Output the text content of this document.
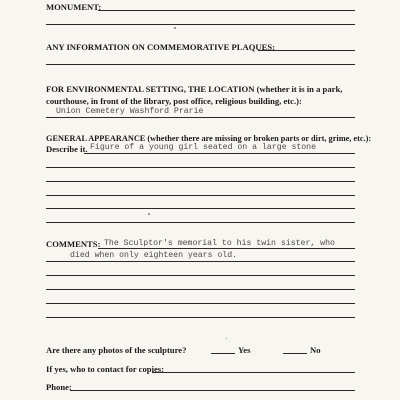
MONUMENT:
ANY INFORMATION ON COMMEMORATIVE PLAQUES:
FOR ENVIRONMENTAL SETTING, THE LOCATION (whether it is in a park,
courthouse, in front of the library, post office, religious building, etc.):
Union Cemetery Washford Prarie
GENERAL APPEARANCE (whether there are missing or broken parts or dirt, grime, etc.):
Describe it. Figure of a young girl seated on a large stone
COMMENTS: The Sculptor's memorial to his twin sister, who
died when only eighteen years old.
Are there any photos of the sculpture?	Yes	No
If yes, who to contact for copies:
Phone:
